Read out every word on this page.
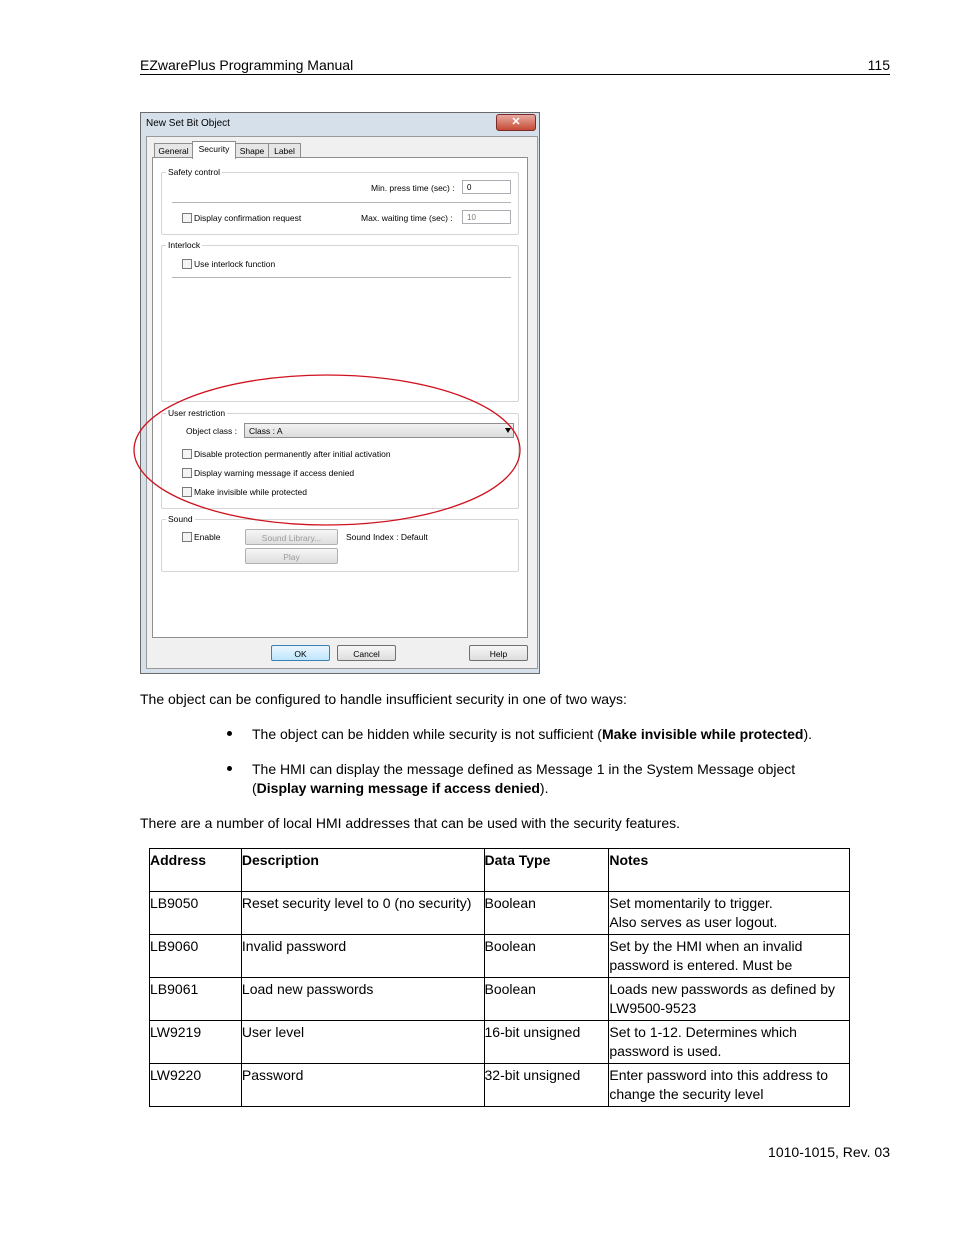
EZwarePlus Programming Manual	115
New Set Bit Object	✕
General	Security	Shape	Label
Safety control
Min. press time (sec) :	0
Display confirmation request	Max. waiting time (sec) :	10
Interlock
Use interlock function
User restriction
Object class :	Class : A
Disable protection permanently after initial activation
Display warning message if access denied
Make invisible while protected
Sound
Enable	Sound Library...	Sound Index : Default
Play
OK	Cancel	Help
The object can be configured to handle insufficient security in one of two ways:
The object can be hidden while security is not sufficient (Make invisible while protected).
The HMI can display the message defined as Message 1 in the System Message object
(Display warning message if access denied).
There are a number of local HMI addresses that can be used with the security features.
Address	Description	Data Type	Notes
LB9050	Reset security level to 0 (no security)	Boolean	Set momentarily to trigger.
Also serves as user logout.
LB9060	Invalid password	Boolean	Set by the HMI when an invalid
password is entered. Must be
LB9061	Load new passwords	Boolean	Loads new passwords as defined by
LW9500-9523
LW9219	User level	16-bit unsigned	Set to 1-12. Determines which
password is used.
LW9220	Password	32-bit unsigned	Enter password into this address to
change the security level
1010-1015, Rev. 03
